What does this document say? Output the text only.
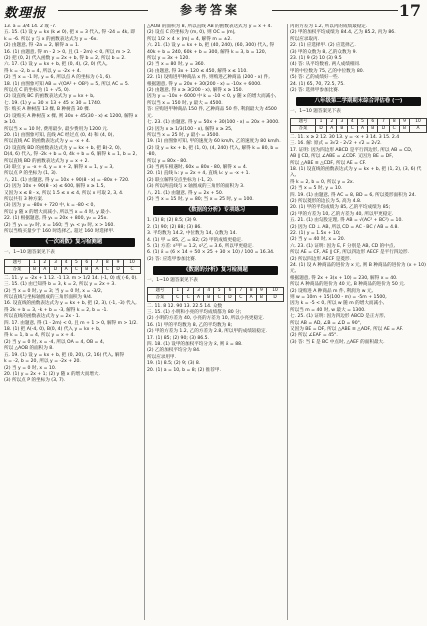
数理报	参考答案	17

13. a = 3/4 14. 2 或 -7.

五. 15. (1) 设 y = kx (k ≠ 0), 把 x = 3 代入, 得 -24 = 4k, 即

k = -6. 所以 y 与 x 的函数表达式为 y = -6x.

(2) 由题意, 得 -2a = 2, 解得 a = 1.

16. (1) 由题意, 得 m - 2 > 0, 且 (1 - 2m) < 0, 所以 m > 2.

(2) 把 (0, 2) 代入函数 y = 2x + b, 得 b = 2, 所以 b = 2.

六. 17. (1) 设 y = kx + b, 把 (0, 4), (2, 0) 代入,

得 k = -2, b = 4, 所以 y = -2x + 4.

(2) 当 x = -1 时, y = 6, 所以点 A 的坐标为 (-1, 6).

18. (1) 由图象可知 AB = √(OA² + OB²) = 5, 所以 AC = 5.

所以点 C 的坐标为 (1 + √5, 0).

(2) 设直线 BC 的函数表达式为 y = kx + b,

七. 19. (1) y = 30 × 13 + 45 × 30 = 1740.

答: 购买 A 种树苗 13 棵, B 种树苗 30 棵.

(2) 设购买 A 种树苗 x 棵, 则 30x + 45(30 - x) ≤ 1200, 解得 x ≥ 10.

所以当 x = 10 时, 费用最少, 最少费用为 1200 元.

20. (1) 由图象可知, 直线 AC 经过点 (0, 4) 和 (4, 0),

所以直线 AC 的函数表达式为 y = -x + 4.

(2) 设直线 BD 的函数表达式为 y = kx + b, 把 B(-2, 0),

D(4, 6) 代入, 得 -2k + b = 0, 4k + b = 6, 解得 k = 1, b = 2,

所以直线 BD 的函数表达式为 y = x + 2.

(3) 联立 y = -x + 4, y = x + 2, 解得 x = 1, y = 3,

所以点 P 的坐标为 (1, 3).

八. 21. (1) 由题意, 得 y = 10x + 90(8 - x) = -80x + 720.

(2) 因为 10x + 90(8 - x) ≤ 600, 解得 x ≥ 1.5,

又因为 x ≤ 8 - x, 所以 1.5 ≤ x ≤ 4, 所以 x 可取 2, 3, 4.

所以共有 3 种方案.

(3) 因为 y = -80x + 720 中, k = -80 < 0,

所以 y 随 x 的增大而减小, 所以当 x = 4 时, y 最小.

22. (1) 根据题意, 得 y₁ = 20x + 800, y₂ = 25x.

(2) 当 y₁ = y₂ 时, x = 160; 当 y₁ < y₂ 时, x > 160.

所以当购买量少于 160 时选择乙, 超过 160 时选择甲.

《一次函数》复习检测题

一、1~10 题答案见下表

题号	1	2	3	4	5	6	7	8	9	10
答案	B	A	D	A	C	B	A	C	D	C

二. 11. y = -2x + 1 12. -1 13. m > 1/2 14. (-1, 0) 或 (-6, 0).

三. 15. (1) 由已知得 b = 3, k = 2, 所以 y = 2x + 3.

(2) 当 x = 0 时, y = 3; 当 y = 0 时, x = -3/2,

所以直线与坐标轴围成的三角形面积为 9/4.

16. 设直线的函数表达式为 y = kx + b, 把 (2, 3), (-1, -3) 代入,

得 2k + b = 3, -k + b = -3, 解得 k = 2, b = -1.

所以直线的函数表达式为 y = 2x - 1.

四. 17. 由题意, 得 (1 - 2m) < 0, 且 m + 1 > 0, 解得 m > 1/2.

18. (1) 把 A(-4, 0), B(0, 4) 代入 y = kx + b,

得 k = 1, b = 4, 所以 y = x + 4.

(2) 当 y = 0 时, x = -4, 所以 OA = 4, OB = 4,

所以 △AOB 的面积为 8.

五. 19. (1) 设 y = kx + b, 把 (0, 20), (2, 16) 代入, 解得

k = -2, b = 20, 所以 y = -2x + 20.

(2) 当 y = 0 时, x = 10.

20. (1) y = 2x + 1; (2) y 随 x 的增大而增大.

(3) 所以点 P 的坐标为 (3, 7).

△AOB 的面积为 8, 所以直线 AB 的函数表达式为 y = x + 4.

(2) 设点 C 的坐标为 (m, 0), 则 OC = |m|,

所以 1/2 × 4 × |m| = 4, 解得 m = ±2.

六. 21. (1) 设 y = kx + b, 把 (40, 240), (60, 300) 代入, 得

40k + b = 240, 60k + b = 300, 解得 k = 3, b = 120,

所以 y = 3x + 120.

(2) 当 x = 80 时, y = 360.

(3) 由题意, 得 3x + 120 ≤ 450, 解得 x ≤ 110.

22. (1) 设购进甲种商品 x 件, 则购进乙种商品 (200 - x) 件,

根据题意, 得 y = 20x + 30(200 - x) = -10x + 6000.

(2) 由题意, 得 x ≥ 3(200 - x), 解得 x ≥ 150.

因为 y = -10x + 6000 中 k = -10 < 0, y 随 x 的增大而减小,

所以当 x = 150 时, y 最大 = 4500.

答: 应购进甲种商品 150 件, 乙种商品 50 件, 利润最大为 4500 元.

七. 23. (1) 由题意, 得 y = 50x + 30(100 - x) = 20x + 3000.

(2) 因为 x ≥ 1/3(100 - x), 解得 x ≥ 25,

所以当 x = 25 时, y 最小 = 3500.

19. (1) 由图象可知, 甲的速度为 60 km/h, 乙的速度为 80 km/h.

(2) 设 y = kx + b, 把 (1, 0), (4, 240) 代入, 解得 k = 80, b = -80,

所以 y = 80x - 80.

(3) 当两车相遇时, 60x = 80x - 80, 解得 x = 4.

20. (1) 直线 l₁: y = 2x + 4, 直线 l₂: y = -x + 1.

(2) 联立解得交点坐标为 (-1, 2).

(3) 所以两直线与 x 轴围成的三角形的面积为 3.

八. 21. (1) 由题意, 得 y = 2x + 50.

(2) 当 x = 15 时, y = 80; 当 x = 25 时, y = 100.

《数据的分析》专项练习

1. (1) 8; (2) 8.5; (3) 9.

2. (1) 90; (2) 88; (3) 86.

3. 平均数为 14.2, 中位数为 14, 众数为 14.

4. (1) 甲 = 85, 乙 = 82; (2) 甲的成绩更稳定.

5. (1) 方差: s²甲 = 1.2, s²乙 = 3.6, 所以甲更稳定.

6. (1) x̄ = (6 × 14 + 50 × 25 + 30 × 10) / 100 = 16.34.

(2) 答: 应选甲参加比赛.

《数据的分析》复习检测题

一、1~10 题答案见下表

题号	1	2	3	4	5	6	7	8	9	10
答案	C	C	A	B	C	D	C	A	B	D

二. 11. 8 12. 90 13. 22.5 14. 众数

三. 15. (1) 小明和小亮的平均成绩都为 80 分;

(2) 小明的方差为 40, 小亮的方差为 10, 所以小亮更稳定.

16. (1) 甲的平均数为 8, 乙的平均数为 8;

(2) 甲的方差为 1.2, 乙的方差为 2.8, 所以甲的成绩较稳定.

17. (1) 85; (2) 90; (3) 86.5.

四. 18. (1) 设甲的加权平均分为 x̄, 则 x̄ = 88.

(2) 乙的加权平均分为 84.

所以应录用甲.

19. (1) 8.5; (2) 9; (3) 8.

20. (1) a = 10, b = 8; (2) 推荐甲.

丙的方差为 1.2, 所以丙的成绩最稳定.

(2) 甲的加权平均成绩为 84.4, 乙为 85.2, 丙为 86.

所以应录取丙.

22. (1) 应选择甲. (2) 应选择乙.

(3) 甲的众数为 8, 乙的众数为 9.

23. (1) 9 (2) 10 (3) 9.5

(4) 答: 从平均数看, 两人成绩相同.

甲的中位数为 75, 乙的中位数为 80.

(5) 答: 乙的成绩好一些.

24. (1) 65, 70, 72.5, 75.

(2) 答: 选择甲参加比赛.

八年级第二学期期末综合评估卷 (一)

一、1~10 题答案见下表

题号	1	2	3	4	5	6	7	8	9	10
答案	D	A	B	C	A	B	D	C	B	A

二. 11. x ≥ 2 12. 30 13. y = -x + 3 14. 3 15. 2.4

三. 16. 解: 原式 = 3√2 - 2√2 + √2 = 2√2.

17. 证明: 因为四边形 ABCD 是平行四边形, 所以 AB = CD,

AB ∥ CD, 所以 ∠ABE = ∠CDF. 又因为 BE = DF,

所以 △ABE ≌ △CDF, 所以 AE = CF.

18. (1) 设直线的函数表达式为 y = kx + b, 把 (1, 2), (3, 6) 代入,

得 k = 2, b = 0, 所以 y = 2x.

(2) 当 x = 5 时, y = 10.

四. 19. (1) 由题意, 得 AC = 8, BD = 6, 所以菱形面积为 24.

(2) 所以菱形的边长为 5, 高为 4.8.

20. (1) 甲的平均成绩为 85, 乙的平均成绩为 85;

(2) 甲的方差为 10, 乙的方差为 40, 所以甲更稳定.

五. 21. (1) 由勾股定理, 得 AB = √(AC² + BC²) = 10.

(2) 因为 CD ⊥ AB, 所以 CD = AC · BC / AB = 4.8.

22. (1) y = 1.5x + 10;

(2) 当 y = 40 时, x = 20.

六. 23. (1) 证明: 因为 E, F 分别是 AB, CD 的中点,

所以 AE = CF, AE ∥ CF, 所以四边形 AECF 是平行四边形.

(2) 所以四边形 AECF 是菱形.

24. (1) 设 A 种商品的进价为 x 元, 则 B 种商品的进价为 (x + 10) 元,

根据题意, 得 2x + 3(x + 10) = 230, 解得 x = 40.

所以 A 种商品的进价为 40 元, B 种商品的进价为 50 元.

(2) 设购进 A 种商品 m 件, 利润为 w 元,

则 w = 10m + 15(100 - m) = -5m + 1500,

因为 k = -5 < 0, 所以 w 随 m 的增大而减小,

所以当 m = 40 时, w 最大 = 1300.

七. 25. (1) 证明: 因为四边形 ABCD 是正方形,

所以 AB = AD, ∠B = ∠D = 90°,

又因为 BE = DF, 所以 △ABE ≌ △ADF, 所以 AE = AF.

(2) 所以 ∠EAF = 45°.

(3) 答: 当 E 是 BC 中点时, △AEF 的面积最大.
